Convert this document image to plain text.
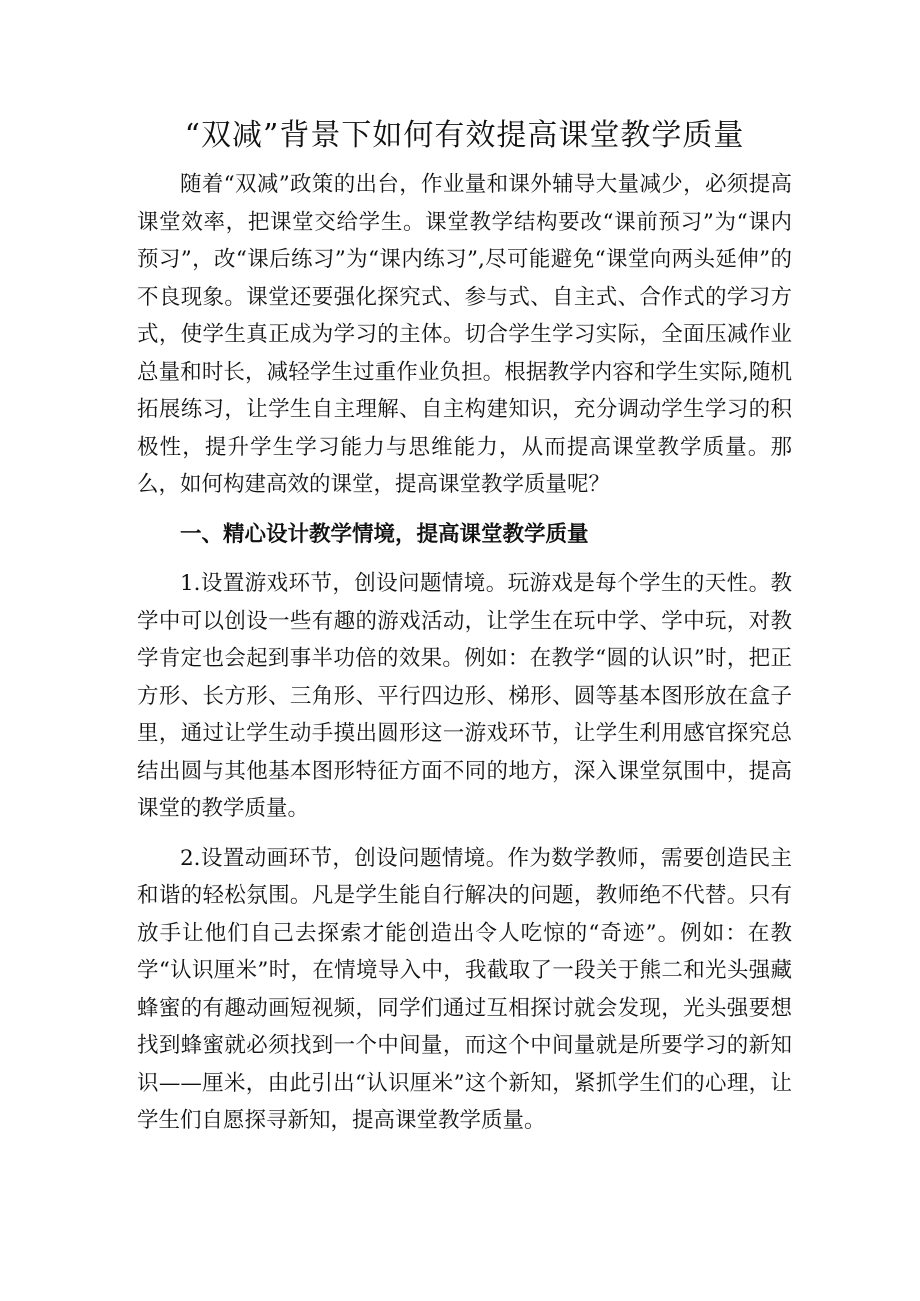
“双减”背景下如何有效提高课堂教学质量

随着“双减”政策的出台，作业量和课外辅导大量减少，必须提高课堂效率，把课堂交给学生。课堂教学结构要改“课前预习”为“课内预习”，改“课后练习”为“课内练习”,尽可能避免“课堂向两头延伸”的不良现象。课堂还要强化探究式、参与式、自主式、合作式的学习方式，使学生真正成为学习的主体。切合学生学习实际，全面压减作业总量和时长，减轻学生过重作业负担。根据教学内容和学生实际,随机拓展练习，让学生自主理解、自主构建知识，充分调动学生学习的积极性，提升学生学习能力与思维能力，从而提高课堂教学质量。那么，如何构建高效的课堂，提高课堂教学质量呢？

一、精心设计教学情境，提高课堂教学质量

1.设置游戏环节，创设问题情境。玩游戏是每个学生的天性。教学中可以创设一些有趣的游戏活动，让学生在玩中学、学中玩，对教学肯定也会起到事半功倍的效果。例如：在教学“圆的认识”时，把正方形、长方形、三角形、平行四边形、梯形、圆等基本图形放在盒子里，通过让学生动手摸出圆形这一游戏环节，让学生利用感官探究总结出圆与其他基本图形特征方面不同的地方，深入课堂氛围中，提高课堂的教学质量。

2.设置动画环节，创设问题情境。作为数学教师，需要创造民主和谐的轻松氛围。凡是学生能自行解决的问题，教师绝不代替。只有放手让他们自己去探索才能创造出令人吃惊的“奇迹”。例如：在教学“认识厘米”时，在情境导入中，我截取了一段关于熊二和光头强藏蜂蜜的有趣动画短视频，同学们通过互相探讨就会发现，光头强要想找到蜂蜜就必须找到一个中间量，而这个中间量就是所要学习的新知识——厘米，由此引出“认识厘米”这个新知，紧抓学生们的心理，让学生们自愿探寻新知，提高课堂教学质量。
